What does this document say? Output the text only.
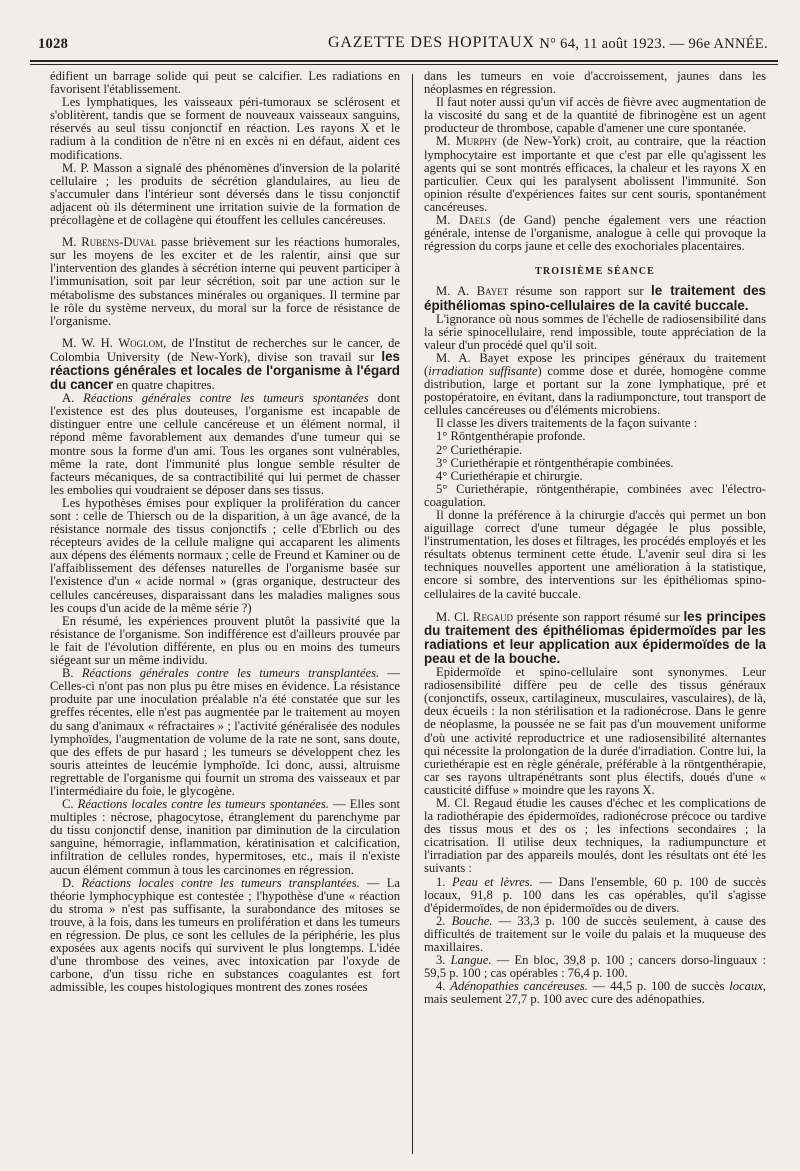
1028	GAZETTE DES HOPITAUX N° 64, 11 août 1923. — 96e ANNÉE.

édifient un barrage solide qui peut se calcifier. Les radiations en favorisent l'établissement.

Les lymphatiques, les vaisseaux péri-tumoraux se sclérosent et s'oblitèrent, tandis que se forment de nouveaux vaisseaux sanguins, réservés au seul tissu conjonctif en réaction. Les rayons X et le radium à la condition de n'être ni en excès ni en défaut, aident ces modifications.

M. P. Masson a signalé des phénomènes d'inversion de la polarité cellulaire ; les produits de sécrétion glandulaires, au lieu de s'accumuler dans l'intérieur sont déversés dans le tissu conjonctif adjacent où ils déterminent une irritation suivie de la formation de précollagène et de collagène qui étouffent les cellules cancéreuses.

M. Rubens-Duval passe brièvement sur les réactions humorales, sur les moyens de les exciter et de les ralentir, ainsi que sur l'intervention des glandes à sécrétion interne qui peuvent participer à l'immunisation, soit par leur sécrétion, soit par une action sur le métabolisme des substances minérales ou organiques. Il termine par le rôle du système nerveux, du moral sur la force de résistance de l'organisme.

M. W. H. Woglom, de l'Institut de recherches sur le cancer, de Colombia University (de New-York), divise son travail sur les réactions générales et locales de l'organisme à l'égard du cancer en quatre chapitres.

A. Réactions générales contre les tumeurs spontanées dont l'existence est des plus douteuses, l'organisme est incapable de distinguer entre une cellule cancéreuse et un élément normal, il répond même favorablement aux demandes d'une tumeur qui se montre sous la forme d'un ami. Tous les organes sont vulnérables, même la rate, dont l'immunité plus longue semble résulter de facteurs mécaniques, de sa contractibilité qui lui permet de chasser les embolies qui voudraient se déposer dans ses tissus.

Les hypothèses émises pour expliquer la prolifération du cancer sont : celle de Thiersch ou de la disparition, à un âge avancé, de la résistance normale des tissus conjonctifs ; celle d'Ebrlich ou des récepteurs avides de la cellule maligne qui accaparent les aliments aux dépens des éléments normaux ; celle de Freund et Kaminer ou de l'affaiblissement des défenses naturelles de l'organisme basée sur l'existence d'un « acide normal » (gras organique, destructeur des cellules cancéreuses, disparaissant dans les maladies malignes sous les coups d'un acide de la même série ?)

En résumé, les expériences prouvent plutôt la passivité que la résistance de l'organisme. Son indifférence est d'ailleurs prouvée par le fait de l'évolution différente, en plus ou en moins des tumeurs siégeant sur un même individu.

B. Réactions générales contre les tumeurs transplantées. — Celles-ci n'ont pas non plus pu être mises en évidence. La résistance produite par une inoculation préalable n'a été constatée que sur les greffes récentes, elle n'est pas augmentée par le traitement au moyen du sang d'animaux « réfractaires » ; l'activité généralisée des nodules lymphoïdes, l'augmentation de volume de la rate ne sont, sans doute, que des effets de pur hasard ; les tumeurs se développent chez les souris atteintes de leucémie lymphoïde. Ici donc, aussi, altruisme regrettable de l'organisme qui fournit un stroma des vaisseaux et par l'intermédiaire du foie, le glycogène.

C. Réactions locales contre les tumeurs spontanées. — Elles sont multiples : nécrose, phagocytose, étranglement du parenchyme par du tissu conjonctif dense, inanition par diminution de la circulation sanguine, hémorragie, inflammation, kératinisation et calcification, infiltration de cellules rondes, hypermitoses, etc., mais il n'existe aucun élément commun à tous les carcinomes en régression.

D. Réactions locales contre les tumeurs transplantées. — La théorie lymphocyphique est contestée ; l'hypothèse d'une « réaction du stroma » n'est pas suffisante, la surabondance des mitoses se trouve, à la fois, dans les tumeurs en prolifération et dans les tumeurs en régression. De plus, ce sont les cellules de la périphérie, les plus exposées aux agents nocifs qui survivent le plus longtemps. L'idée d'une thrombose des veines, avec intoxication par l'oxyde de carbone, d'un tissu riche en substances coagulantes est fort admissible, les coupes histologiques montrent des zones rosées

dans les tumeurs en voie d'accroissement, jaunes dans les néoplasmes en régression.

Il faut noter aussi qu'un vif accès de fièvre avec augmentation de la viscosité du sang et de la quantité de fibrinogène est un agent producteur de thrombose, capable d'amener une cure spontanée.

M. Murphy (de New-York) croit, au contraire, que la réaction lymphocytaire est importante et que c'est par elle qu'agissent les agents qui se sont montrés efficaces, la chaleur et les rayons X en particulier. Ceux qui les paralysent abolissent l'immunité. Son opinion résulte d'expériences faites sur cent souris, spontanément cancéreuses.

M. Daels (de Gand) penche également vers une réaction générale, intense de l'organisme, analogue à celle qui provoque la régression du corps jaune et celle des exochoriales placentaires.

TROISIÈME SÉANCE

M. A. Bayet résume son rapport sur le traitement des épithéliomas spino-cellulaires de la cavité buccale.

L'ignorance où nous sommes de l'échelle de radiosensibilité dans la série spinocellulaire, rend impossible, toute appréciation de la valeur d'un procédé quel qu'il soit.

M. A. Bayet expose les principes généraux du traitement (irradiation suffisante) comme dose et durée, homogène comme distribution, large et portant sur la zone lymphatique, pré et postopératoire, en évitant, dans la radiumponcture, tout transport de cellules cancéreuses ou d'éléments microbiens.

Il classe les divers traitements de la façon suivante :

1° Röntgenthérapie profonde.

2° Curiethérapie.

3° Curiethérapie et röntgenthérapie combinées.

4° Curiethérapie et chirurgie.

5° Curiethérapie, röntgenthérapie, combinées avec l'électro-coagulation.

Il donne la préférence à la chirurgie d'accès qui permet un bon aiguillage correct d'une tumeur dégagée le plus possible, l'instrumentation, les doses et filtrages, les procédés employés et les résultats obtenus terminent cette étude. L'avenir seul dira si les techniques nouvelles apportent une amélioration à la statistique, encore si sombre, des interventions sur les épithéliomas spino-cellulaires de la cavité buccale.

M. Cl. Regaud présente son rapport résumé sur les principes du traitement des épithéliomas épidermoïdes par les radiations et leur application aux épidermoïdes de la peau et de la bouche.

Epidermoïde et spino-cellulaire sont synonymes. Leur radiosensibilité diffère peu de celle des tissus généraux (conjonctifs, osseux, cartilagineux, musculaires, vasculaires), de là, deux écueils : la non stérilisation et la radionécrose. Dans le genre de néoplasme, la poussée ne se fait pas d'un mouvement uniforme d'où une activité reproductrice et une radiosensibilité alternantes qui nécessite la prolongation de la durée d'irradiation. Contre lui, la curiethérapie est en règle générale, préférable à la röntgenthérapie, car ses rayons ultrapénétrants sont plus électifs, doués d'une « causticité diffuse » moindre que les rayons X.

M. Cl. Regaud étudie les causes d'échec et les complications de la radiothérapie des épidermoïdes, radionécrose précoce ou tardive des tissus mous et des os ; les infections secondaires ; la cicatrisation. Il utilise deux techniques, la radiumpuncture et l'irradiation par des appareils moulés, dont les résultats ont été les suivants :

1. Peau et lèvres. — Dans l'ensemble, 60 p. 100 de succès locaux, 91,8 p. 100 dans les cas opérables, qu'il s'agisse d'épidermoïdes, de non épidermoïdes ou de divers.

2. Bouche. — 33,3 p. 100 de succès seulement, à cause des difficultés de traitement sur le voile du palais et la muqueuse des maxillaires.

3. Langue. — En bloc, 39,8 p. 100 ; cancers dorso-linguaux : 59,5 p. 100 ; cas opérables : 76,4 p. 100.

4. Adénopathies cancéreuses. — 44,5 p. 100 de succès locaux, mais seulement 27,7 p. 100 avec cure des adénopathies.
